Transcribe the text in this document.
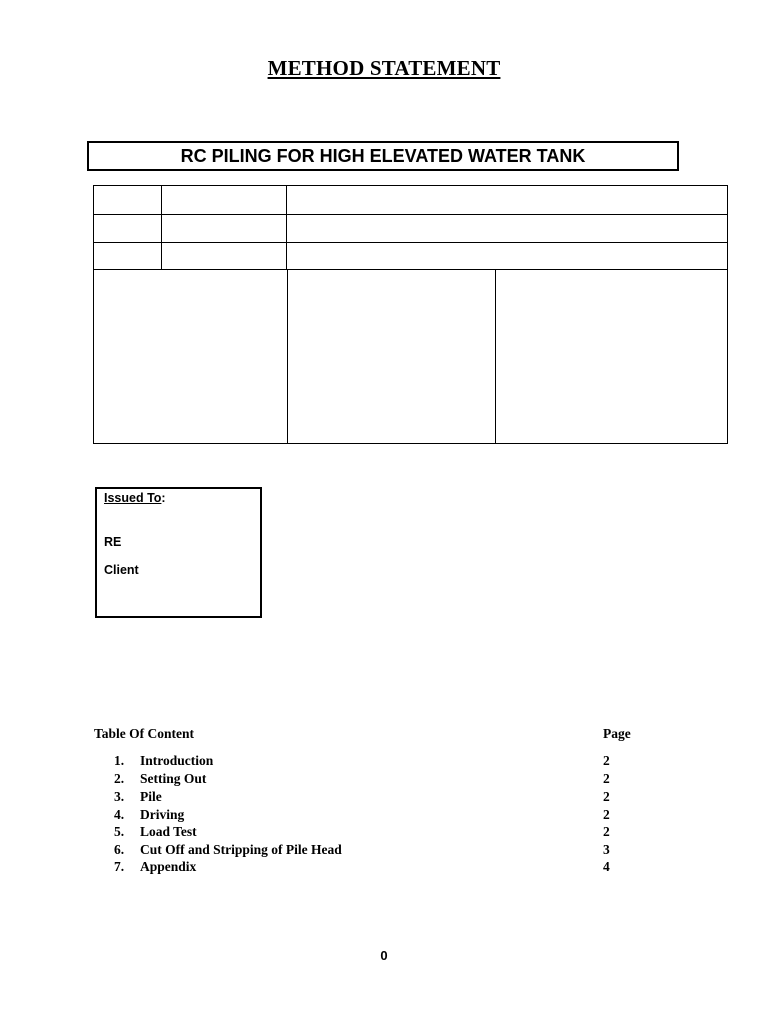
METHOD STATEMENT
RC PILING FOR HIGH ELEVATED WATER TANK
Issued To:
RE
Client
Table Of Content	Page
1. Introduction	2
2. Setting Out	2
3. Pile	2
4. Driving	2
5. Load Test	2
6. Cut Off and Stripping of Pile Head	3
7. Appendix	4
0
